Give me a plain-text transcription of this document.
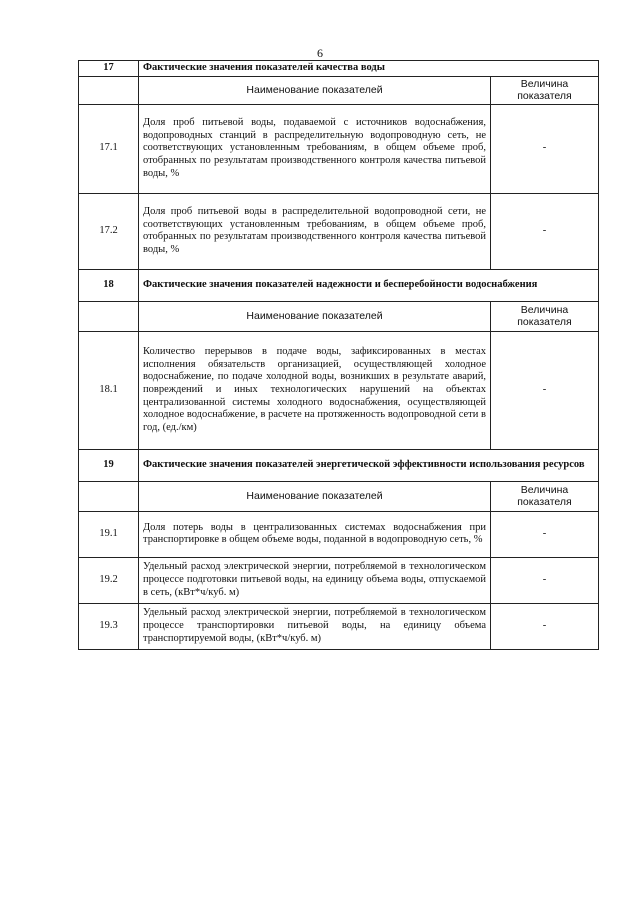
6
17	Фактические значения показателей качества воды	
	Наименование показателей	Величина показателя
17.1	Доля проб питьевой воды, подаваемой с источников водоснабжения, водопроводных станций в распределительную водопроводную сеть, не соответствующих установленным требованиям, в общем объеме проб, отобранных по результатам производственного контроля качества питьевой воды, %	-
17.2	Доля проб питьевой воды в распределительной водопроводной сети, не соответствующих установленным требованиям, в общем объеме проб, отобранных по результатам производственного контроля качества питьевой воды, %	-
18	Фактические значения показателей надежности и бесперебойности водоснабжения	
	Наименование показателей	Величина показателя
18.1	Количество перерывов в подаче воды, зафиксированных в местах исполнения обязательств организацией, осуществляющей холодное водоснабжение, по подаче холодной воды, возникших в результате аварий, повреждений и иных технологических нарушений на объектах централизованной системы холодного водоснабжения, осуществляющей холодное водоснабжение, в расчете на протяженность водопроводной сети в год, (ед./км)	-
19	Фактические значения показателей энергетической эффективности использования ресурсов	
	Наименование показателей	Величина показателя
19.1	Доля потерь воды в централизованных системах водоснабжения при транспортировке в общем объеме воды, поданной в водопроводную сеть, %	-
19.2	Удельный расход электрической энергии, потребляемой в технологическом процессе подготовки питьевой воды, на единицу объема воды, отпускаемой в сеть, (кВт*ч/куб. м)	-
19.3	Удельный расход электрической энергии, потребляемой в технологическом процессе транспортировки питьевой воды, на единицу объема транспортируемой воды, (кВт*ч/куб. м)	-
